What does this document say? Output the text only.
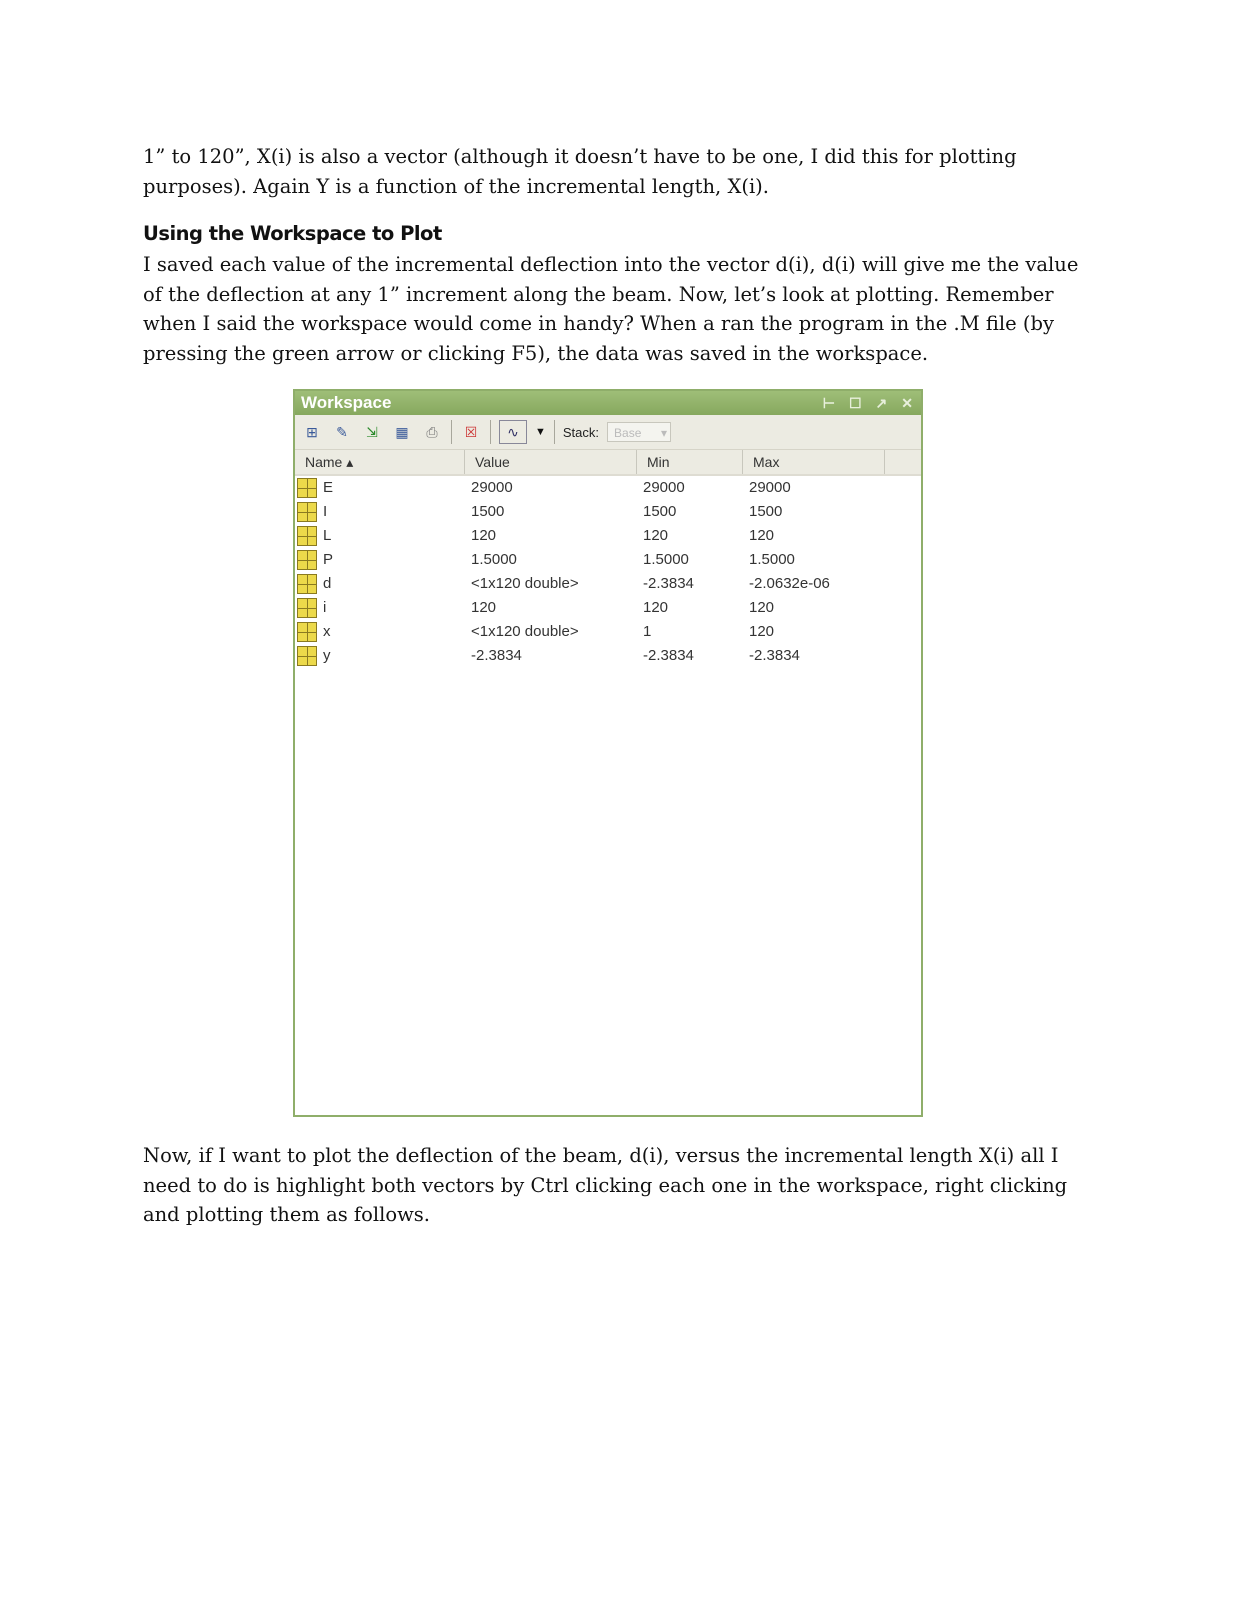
1” to 120”, X(i) is also a vector (although it doesn’t have to be one, I did this for plotting purposes). Again Y is a function of the incremental length, X(i).

Using the Workspace to Plot

I saved each value of the incremental deflection into the vector d(i), d(i) will give me the value of the deflection at any 1” increment along the beam. Now, let’s look at plotting. Remember when I said the workspace would come in handy? When a ran the program in the .M file (by pressing the green arrow or clicking F5), the data was saved in the workspace.

Workspace	⊢ ☐ ↗ ✕
⊞	✎	⇲	▦	⎙	☒	∿	▼ Stack:	Base ▾
Name ▴	Value	Min	Max
E	29000	29000	29000
I	1500	1500	1500
L	120	120	120
P	1.5000	1.5000	1.5000
d	<1x120 double>	-2.3834	-2.0632e-06
i	120	120	120
x	<1x120 double>	1	120
y	-2.3834	-2.3834	-2.3834

Now, if I want to plot the deflection of the beam, d(i), versus the incremental length X(i) all I need to do is highlight both vectors by Ctrl clicking each one in the workspace, right clicking and plotting them as follows.
